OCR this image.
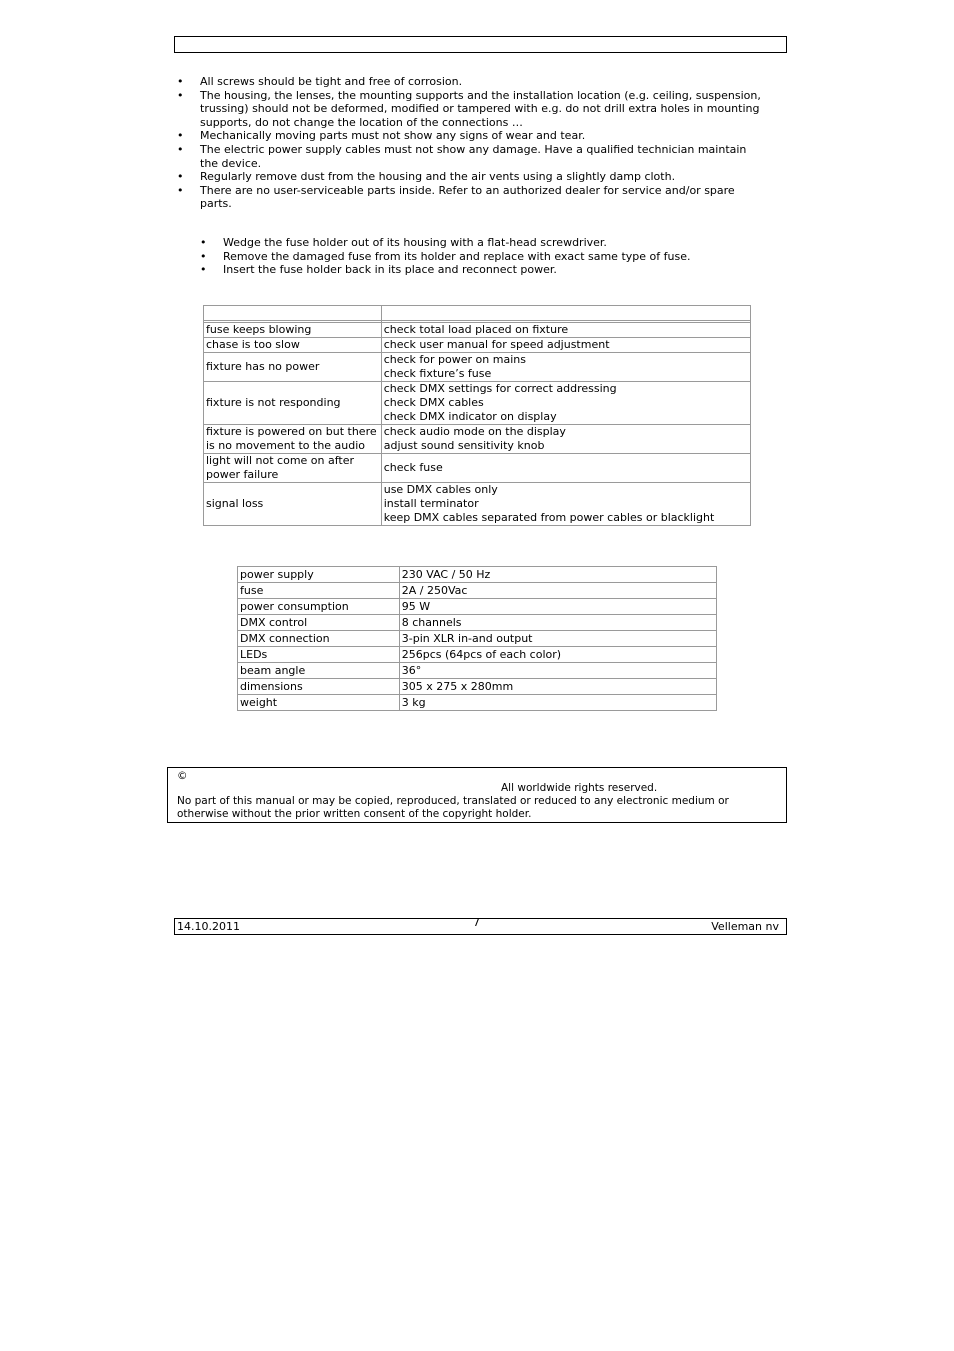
• All screws should be tight and free of corrosion.
• The housing, the lenses, the mounting supports and the installation location (e.g. ceiling, suspension, trussing) should not be deformed, modified or tampered with e.g. do not drill extra holes in mounting supports, do not change the location of the connections …
• Mechanically moving parts must not show any signs of wear and tear.
• The electric power supply cables must not show any damage. Have a qualified technician maintain the device.
• Regularly remove dust from the housing and the air vents using a slightly damp cloth.
• There are no user-serviceable parts inside. Refer to an authorized dealer for service and/or spare parts.
• Wedge the fuse holder out of its housing with a flat-head screwdriver.
• Remove the damaged fuse from its holder and replace with exact same type of fuse.
• Insert the fuse holder back in its place and reconnect power.

fuse keeps blowing	check total load placed on fixture

chase is too slow	check user manual for speed adjustment

fixture has no power	check for power on mains
check fixture’s fuse

fixture is not responding	check DMX settings for correct addressing
check DMX cables
check DMX indicator on display

fixture is powered on but there is no movement to the audio	check audio mode on the display
adjust sound sensitivity knob

light will not come on after power failure	check fuse

signal loss	use DMX cables only
install terminator
keep DMX cables separated from power cables or blacklight
power supply	230 VAC / 50 Hz
fuse	2A / 250Vac
power consumption	95 W
DMX control	8 channels
DMX connection	3-pin XLR in-and output
LEDs	256pcs (64pcs of each color)
beam angle	36°
dimensions	305 x 275 x 280mm
weight	3 kg
©
All worldwide rights reserved.
No part of this manual or may be copied, reproduced, translated or reduced to any electronic medium or otherwise without the prior written consent of the copyright holder.
14.10.2011	7	Velleman nv
